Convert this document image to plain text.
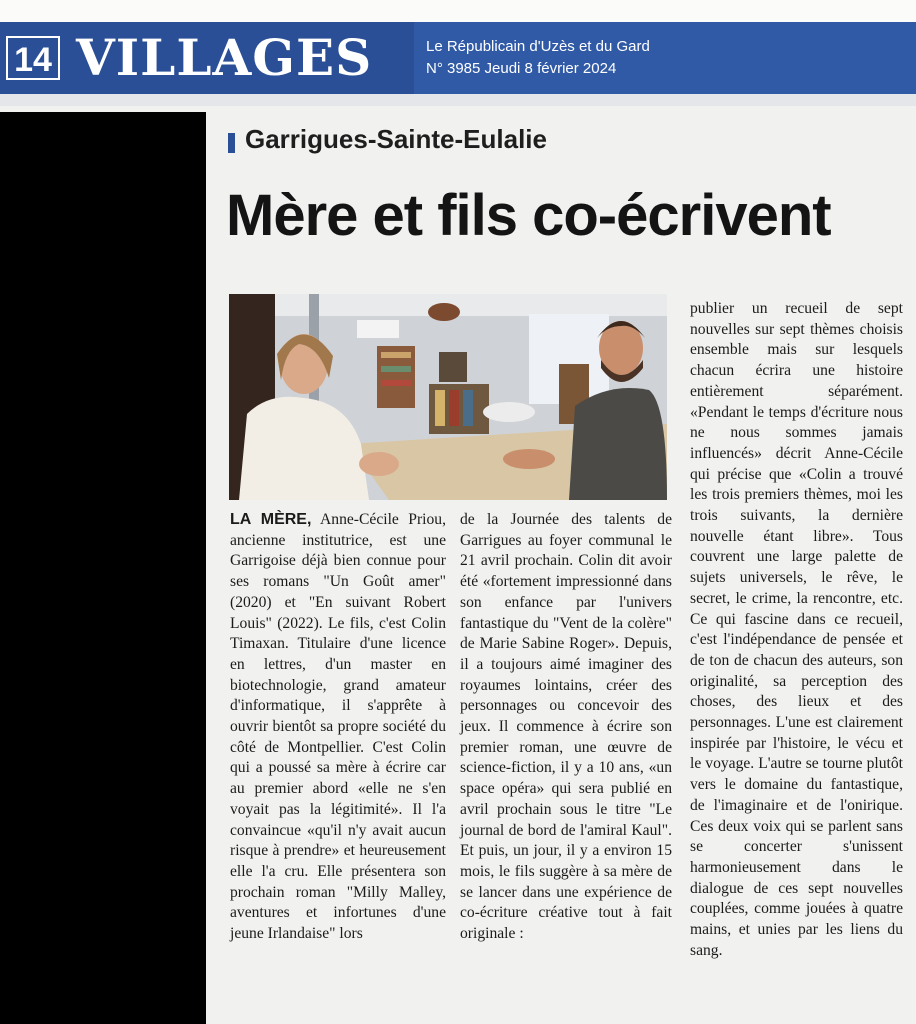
14 VILLAGES	Le Républicain d'Uzès et du Gard
N° 3985 Jeudi 8 février 2024
Garrigues-Sainte-Eulalie
Mère et fils co-écrivent

LA MÈRE, Anne-Cécile Priou, ancienne institutrice, est une Garrigoise déjà bien connue pour ses romans "Un Goût amer" (2020) et "En suivant Robert Louis" (2022). Le fils, c'est Colin Timaxan. Titulaire d'une licence en lettres, d'un master en biotechnologie, grand amateur d'informatique, il s'apprête à ouvrir bientôt sa propre société du côté de Montpellier. C'est Colin qui a poussé sa mère à écrire car au premier abord «elle ne s'en voyait pas la légitimité». Il l'a convaincue «qu'il n'y avait aucun risque à prendre» et heureusement elle l'a cru. Elle présentera son prochain roman "Milly Malley, aventures et infortunes d'une jeune Irlandaise" lors

de la Journée des talents de Garrigues au foyer communal le 21 avril prochain. Colin dit avoir été «fortement impressionné dans son enfance par l'univers fantastique du "Vent de la colère" de Marie Sabine Roger». Depuis, il a toujours aimé imaginer des royaumes lointains, créer des personnages ou concevoir des jeux. Il commence à écrire son premier roman, une œuvre de science-fiction, il y a 10 ans, «un space opéra» qui sera publié en avril prochain sous le titre "Le journal de bord de l'amiral Kaul". Et puis, un jour, il y a environ 15 mois, le fils suggère à sa mère de se lancer dans une expérience de co-écriture créative tout à fait originale :

publier un recueil de sept nouvelles sur sept thèmes choisis ensemble mais sur lesquels chacun écrira une histoire entièrement séparément. «Pendant le temps d'écriture nous ne nous sommes jamais influencés» décrit Anne-Cécile qui précise que «Colin a trouvé les trois premiers thèmes, moi les trois suivants, la dernière nouvelle étant libre». Tous couvrent une large palette de sujets universels, le rêve, le secret, le crime, la rencontre, etc. Ce qui fascine dans ce recueil, c'est l'indépendance de pensée et de ton de chacun des auteurs, son originalité, sa perception des choses, des lieux et des personnages. L'une est clairement inspirée par l'histoire, le vécu et le voyage. L'autre se tourne plutôt vers le domaine du fantastique, de l'imaginaire et de l'onirique. Ces deux voix qui se parlent sans se concerter s'unissent harmonieusement dans le dialogue de ces sept nouvelles couplées, comme jouées à quatre mains, et unies par les liens du sang.
